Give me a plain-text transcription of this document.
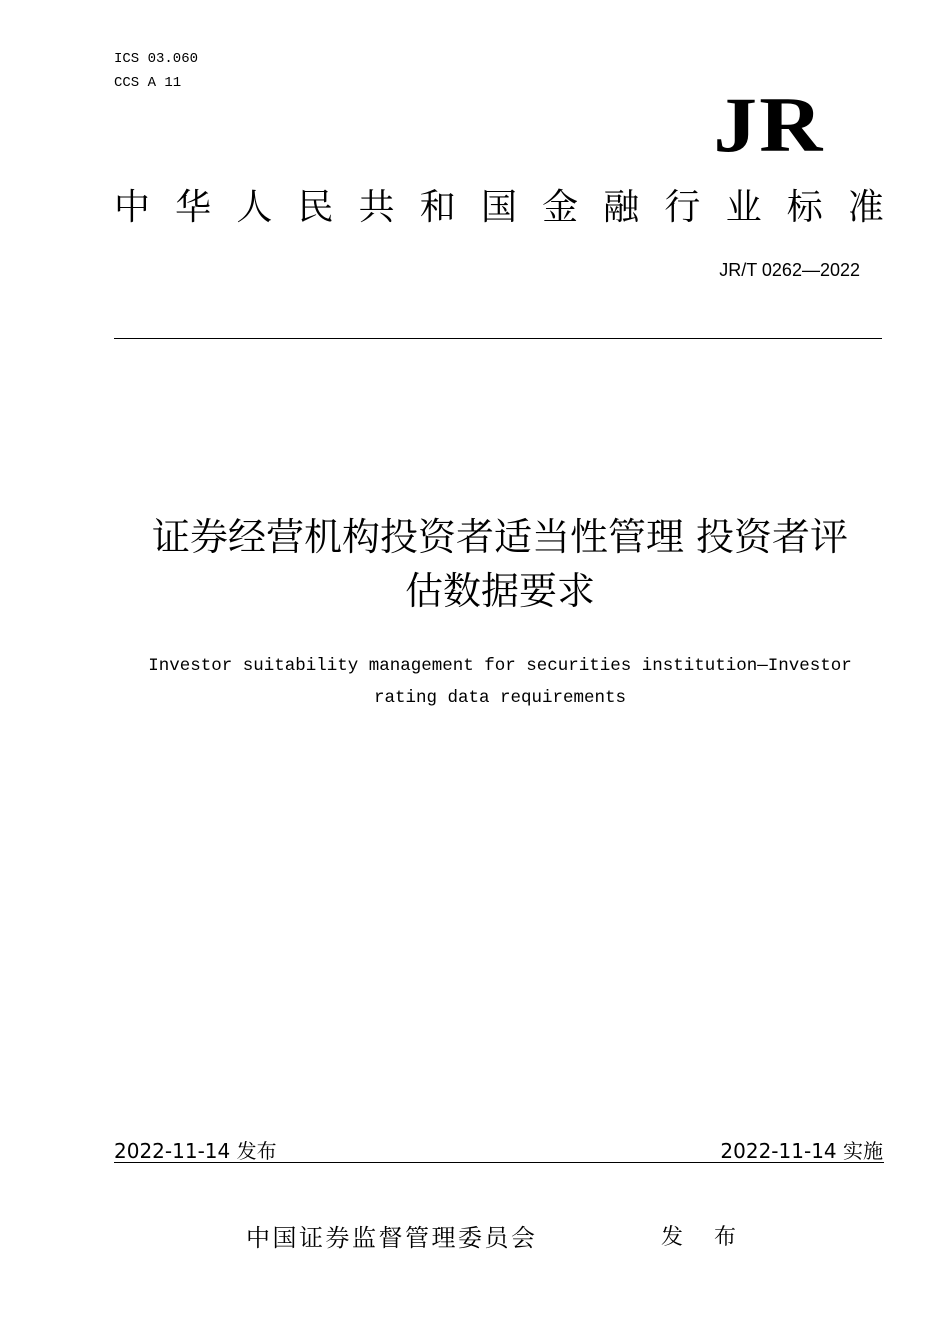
ICS 03.060
CCS A 11	JR
中 华 人 民 共 和 国 金 融 行 业 标 准
JR/T 0262—2022
证券经营机构投资者适当性管理 投资者评
估数据要求
Investor suitability management for securities institution—Investor
rating data requirements
2022-11-14 发布	2022-11-14 实施
中国证券监督管理委员会	发 布
